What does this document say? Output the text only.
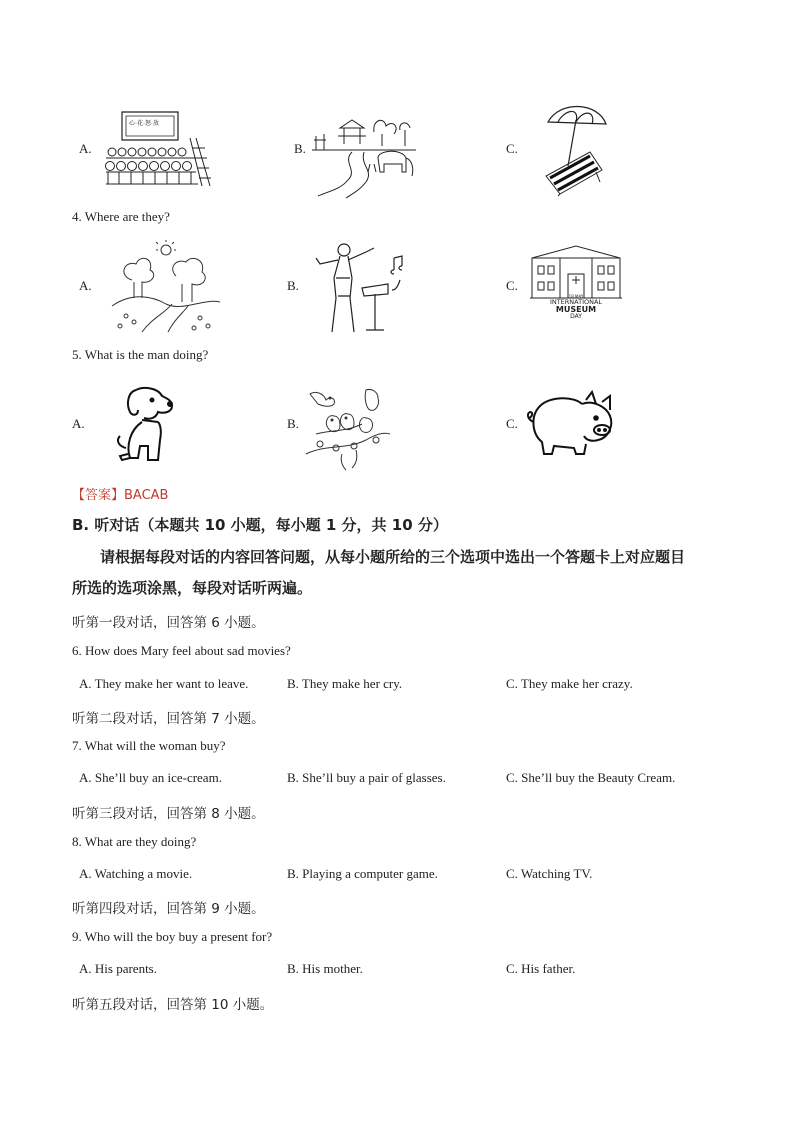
A.
心·花·怒·放
B.	C.
4. Where are they?
A.	B.	C.
18 MAY
INTERNATIONAL
MUSEUM
DAY
5. What is the man doing?
A.	B.	C.
【答案】BACAB
B. 听对话（本题共 10 小题，每小题 1 分，共 10 分）
请根据每段对话的内容回答问题，从每小题所给的三个选项中选出一个答题卡上对应题目
所选的选项涂黑，每段对话听两遍。
听第一段对话，回答第 6 小题。
6. How does Mary feel about sad movies?
A. They make her want to leave.	B. They make her cry.	C. They make her crazy.
听第二段对话，回答第 7 小题。
7. What will the woman buy?
A. She’ll buy an ice-cream.	B. She’ll buy a pair of glasses.	C. She’ll buy the Beauty Cream.
听第三段对话，回答第 8 小题。
8. What are they doing?
A. Watching a movie.	B. Playing a computer game.	C. Watching TV.
听第四段对话，回答第 9 小题。
9. Who will the boy buy a present for?
A. His parents.	B. His mother.	C. His father.
听第五段对话，回答第 10 小题。
